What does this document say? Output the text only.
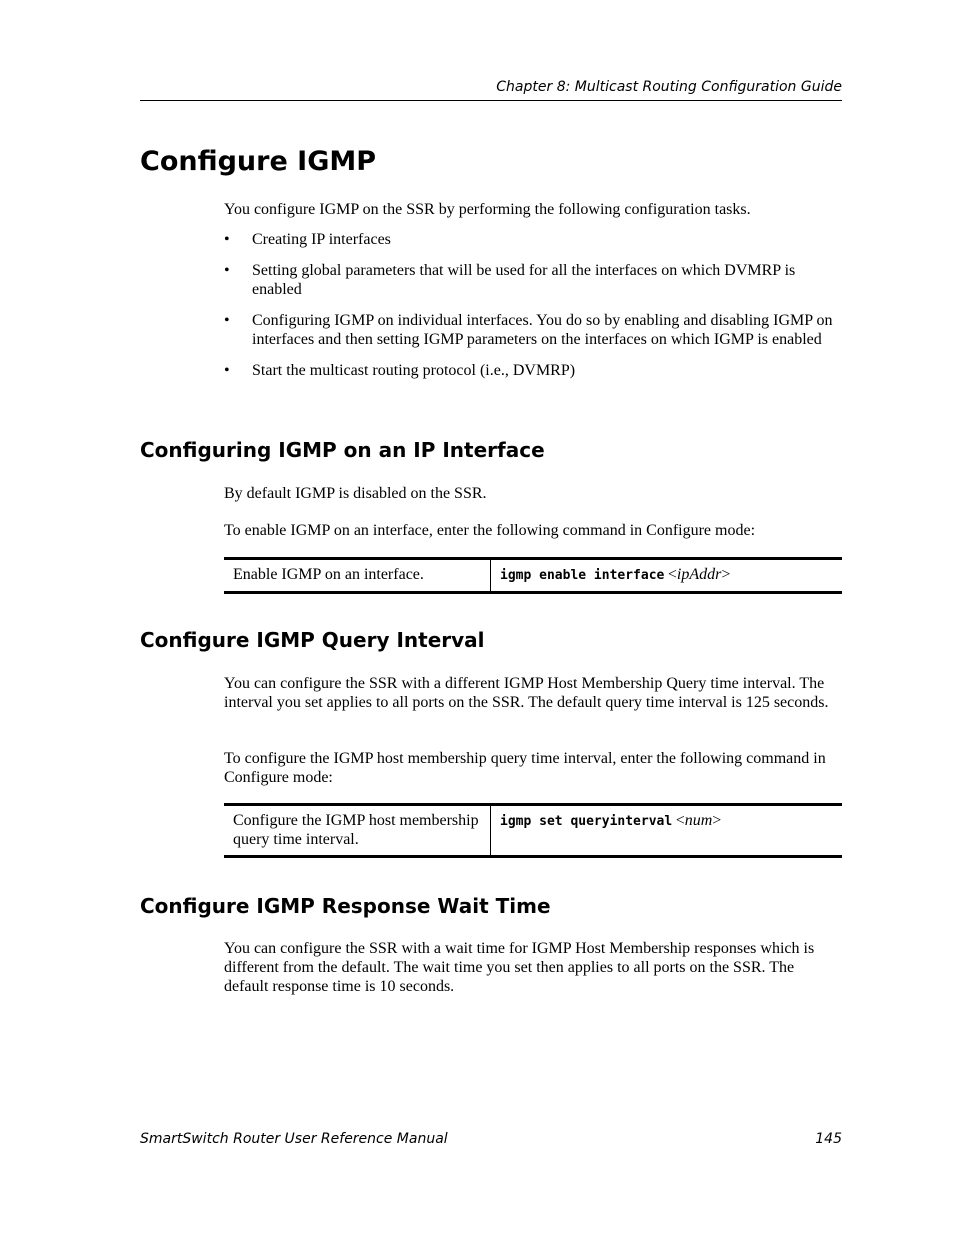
Chapter 8: Multicast Routing Configuration Guide
Configure IGMP

You configure IGMP on the SSR by performing the following configuration tasks.

• Creating IP interfaces
• Setting global parameters that will be used for all the interfaces on which DVMRP is enabled
• Configuring IGMP on individual interfaces. You do so by enabling and disabling IGMP on interfaces and then setting IGMP parameters on the interfaces on which IGMP is enabled
• Start the multicast routing protocol (i.e., DVMRP)
Configuring IGMP on an IP Interface

By default IGMP is disabled on the SSR.

To enable IGMP on an interface, enter the following command in Configure mode:

Enable IGMP on an interface.	igmp enable interface <ipAddr>
Configure IGMP Query Interval

You can configure the SSR with a different IGMP Host Membership Query time interval. The interval you set applies to all ports on the SSR. The default query time interval is 125 seconds.

To configure the IGMP host membership query time interval, enter the following command in Configure mode:

Configure the IGMP host membership query time interval.	igmp set queryinterval <num>
Configure IGMP Response Wait Time

You can configure the SSR with a wait time for IGMP Host Membership responses which is different from the default. The wait time you set then applies to all ports on the SSR. The default response time is 10 seconds.

SmartSwitch Router User Reference Manual	145
